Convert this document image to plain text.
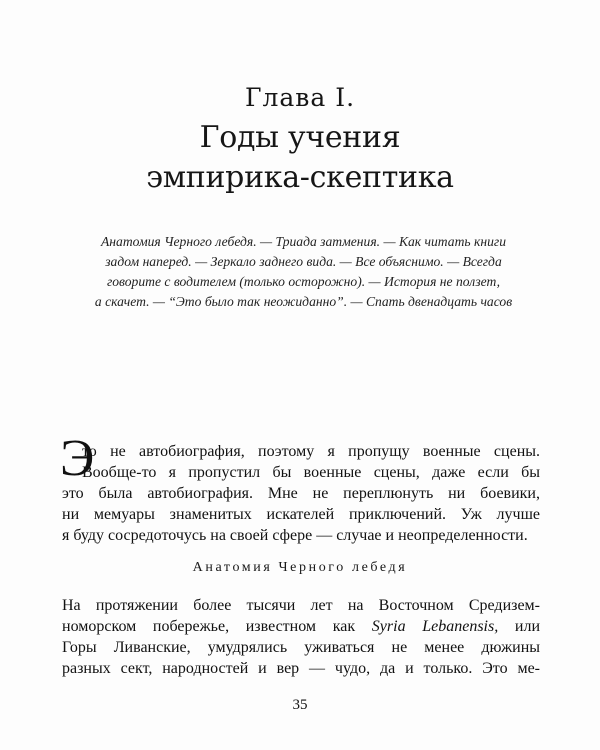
Глава I.
Годы учения
эмпирика-скептика
Анатомия Черного лебедя. — Триада затмения. — Как читать книги
задом наперед. — Зеркало заднего вида. — Все объяснимо. — Всегда
говорите с водителем (только осторожно). — История не ползет,
а скачет. — “Это было так неожиданно”. — Спать двенадцать часов
Э
то не автобиография, поэтому я пропущу военные сцены.
Вообще-то я пропустил бы военные сцены, даже если бы
это была автобиография. Мне не переплюнуть ни боевики,
ни мемуары знаменитых искателей приключений. Уж лучше
я буду сосредоточусь на своей сфере — случае и неопределенности.
Анатомия Черного лебедя
На протяжении более тысячи лет на Восточном Средизем-
номорском побережье, известном как Syria Lebanensis, или
Горы Ливанские, умудрялись уживаться не менее дюжины
разных сект, народностей и вер — чудо, да и только. Это ме-
35
